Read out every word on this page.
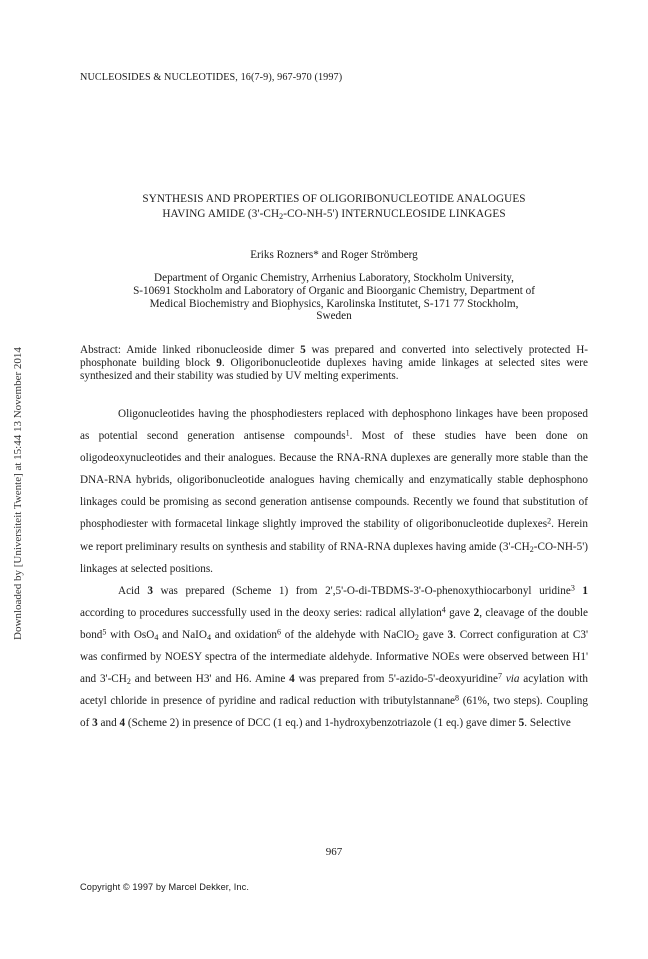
NUCLEOSIDES & NUCLEOTIDES, 16(7-9), 967-970 (1997)
Downloaded by [Universiteit Twente] at 15:44 13 November 2014
SYNTHESIS AND PROPERTIES OF OLIGORIBONUCLEOTIDE ANALOGUES
HAVING AMIDE $(3'-CH_2-CO-NH-5')$ INTERNUCLEOSIDE LINKAGES
Eriks Rozners* and Roger Strömberg
Department of Organic Chemistry, Arrhenius Laboratory, Stockholm University,
S-10691 Stockholm and Laboratory of Organic and Bioorganic Chemistry, Department of
Medical Biochemistry and Biophysics, Karolinska Institutet, S-171 77 Stockholm,
Sweden
Abstract: Amide linked ribonucleoside dimer 5 was prepared and converted into selectively protected H-phosphonate building block 9. Oligoribonucleotide duplexes having amide linkages at selected sites were synthesized and their stability was studied by UV melting experiments.

Oligonucleotides having the phosphodiesters replaced with dephosphono linkages have been proposed as potential second generation antisense compounds$^1$. Most of these studies have been done on oligodeoxynucleotides and their analogues. Because the RNA-RNA duplexes are generally more stable than the DNA-RNA hybrids, oligoribonucleotide analogues having chemically and enzymatically stable dephosphono linkages could be promising as second generation antisense compounds. Recently we found that substitution of phosphodiester with formacetal linkage slightly improved the stability of oligoribonucleotide duplexes$^2$. Herein we report preliminary results on synthesis and stability of RNA-RNA duplexes having amide $(3'-CH_2-CO-NH-5')$ linkages at selected positions.

Acid 3 was prepared (Scheme 1) from 2',5'-O-di-TBDMS-3'-O-phenoxythiocarbonyl uridine$^3$ 1 according to procedures successfully used in the deoxy series: radical allylation$^4$ gave 2, cleavage of the double bond$^5$ with OsO$_4$ and NaIO$_4$ and oxidation$^6$ of the aldehyde with NaClO$_2$ gave 3. Correct configuration at C3' was confirmed by NOESY spectra of the intermediate aldehyde. Informative NOEs were observed between H1' and $3'-CH_2$ and between H3' and H6. Amine 4 was prepared from 5'-azido-5'-deoxyuridine$^7$ via acylation with acetyl chloride in presence of pyridine and radical reduction with tributylstannane$^8$ (61%, two steps). Coupling of 3 and 4 (Scheme 2) in presence of DCC (1 eq.) and 1-hydroxybenzotriazole (1 eq.) gave dimer 5. Selective

967
Copyright © 1997 by Marcel Dekker, Inc.
